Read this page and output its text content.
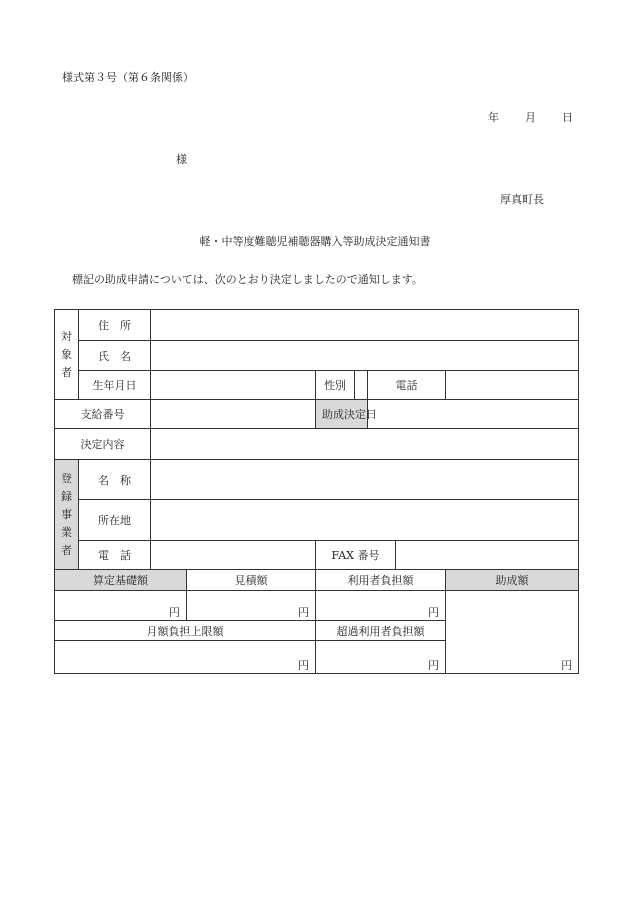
様式第３号（第６条関係）
年 月 日
様
厚真町長
軽・中等度難聴児補聴器購入等助成決定通知書
標記の助成申請については、次のとおり決定しましたので通知します。
対
象
者	住　所							
	氏　名							
	生年月日			性別		電話		
支給番号				助成決定日				
決定内容								

登
録
事
業
者	名　称							
	所在地							
	電　話			FAX 番号				
算定基礎額			見積額	利用者負担額				助成額
円			円	円				円
月額負担上限額				超過利用者負担額				
円				円				
